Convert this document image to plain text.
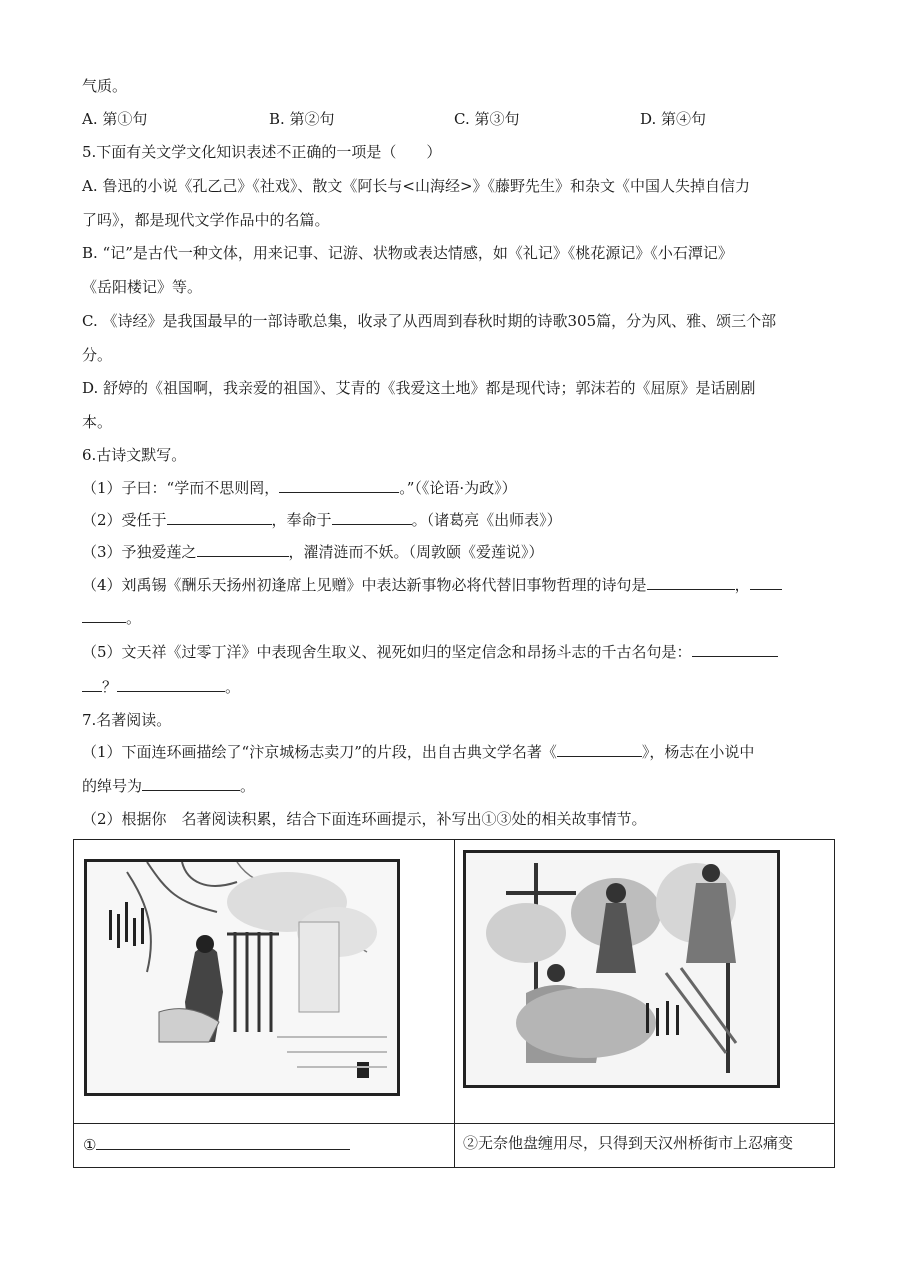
气质。
A. 第①句	B. 第②句	C. 第③句	D. 第④句
5.下面有关文学文化知识表述不正确的一项是（　　）
A. 鲁迅的小说《孔乙己》《社戏》、散文《阿长与<山海经>》《藤野先生》和杂文《中国人失掉自信力
了吗》，都是现代文学作品中的名篇。
B. “记”是古代一种文体，用来记事、记游、状物或表达情感，如《礼记》《桃花源记》《小石潭记》
《岳阳楼记》等。
C. 《诗经》是我国最早的一部诗歌总集，收录了从西周到春秋时期的诗歌305篇，分为风、雅、颂三个部
分。
D. 舒婷的《祖国啊，我亲爱的祖国》、艾青的《我爱这土地》都是现代诗；郭沫若的《屈原》是话剧剧
本。
6.古诗文默写。
（1）子曰：“学而不思则罔，	。”（《论语·为政》）
（2）受任于	，奉命于	。（诸葛亮《出师表》）
（3）予独爱莲之	，濯清涟而不妖。（周敦颐《爱莲说》）
（4）刘禹锡《酬乐天扬州初逢席上见赠》中表达新事物必将代替旧事物哲理的诗句是	，
。
（5）文天祥《过零丁洋》中表现舍生取义、视死如归的坚定信念和昂扬斗志的千古名句是：
？	。
7.名著阅读。
（1）下面连环画描绘了“汴京城杨志卖刀”的片段，出自古典文学名著《	》，杨志在小说中
的绰号为	。
（2）根据你　名著阅读积累，结合下面连环画提示，补写出①③处的相关故事情节。

①	②无奈他盘缠用尽，只得到天汉州桥街市上忍痛变
